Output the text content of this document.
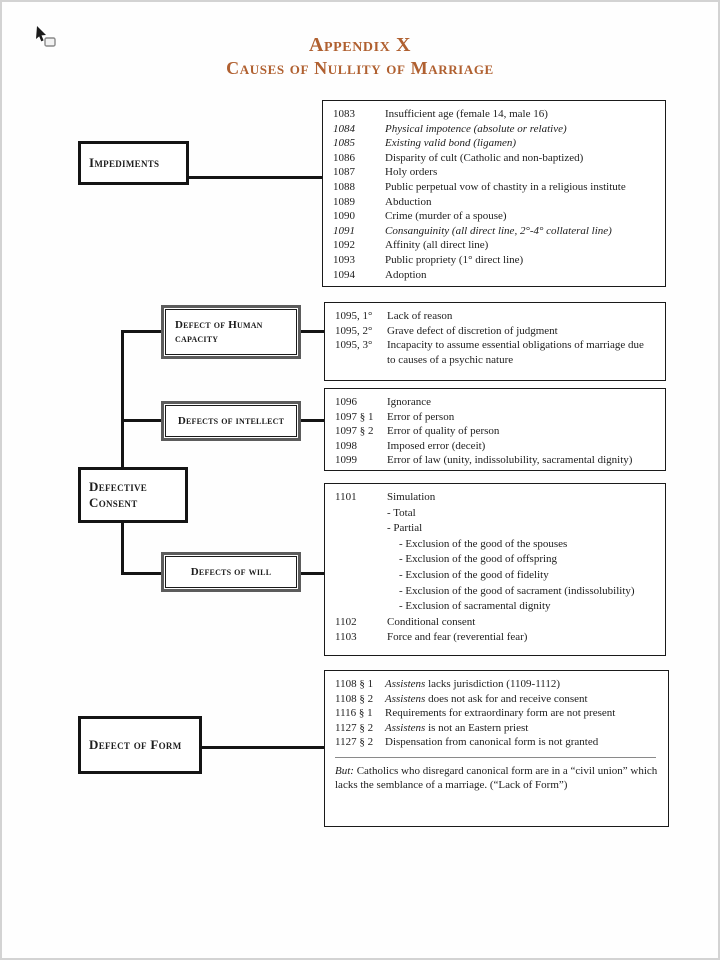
Appendix X
Causes of Nullity of Marriage
Impediments
1083	Insufficient age (female 14, male 16)
1084	Physical impotence (absolute or relative)
1085	Existing valid bond (ligamen)
1086	Disparity of cult (Catholic and non-baptized)
1087	Holy orders
1088	Public perpetual vow of chastity in a religious institute
1089	Abduction
1090	Crime (murder of a spouse)
1091	Consanguinity (all direct line, 2°-4° collateral line)
1092	Affinity (all direct line)
1093	Public propriety (1° direct line)
1094	Adoption
Defective Consent
Defect of Human capacity
1095, 1°	Lack of reason
1095, 2°	Grave defect of discretion of judgment
1095, 3°	Incapacity to assume essential obligations of marriage due
to causes of a psychic nature
Defects of intellect
1096	Ignorance
1097 § 1	Error of person
1097 § 2	Error of quality of person
1098	Imposed error (deceit)
1099	Error of law (unity, indissolubility, sacramental dignity)
Defects of will
1101	Simulation
- Total
- Partial
- Exclusion of the good of the spouses
- Exclusion of the good of offspring
- Exclusion of the good of fidelity
- Exclusion of the good of sacrament (indissolubility)
- Exclusion of sacramental dignity
1102	Conditional consent
1103	Force and fear (reverential fear)
Defect of Form
1108 § 1	Assistens lacks jurisdiction (1109-1112)
1108 § 2	Assistens does not ask for and receive consent
1116 § 1	Requirements for extraordinary form are not present
1127 § 2	Assistens is not an Eastern priest
1127 § 2	Dispensation from canonical form is not granted
But: Catholics who disregard canonical form are in a “civil union” which lacks the semblance of a marriage. (“Lack of Form”)
